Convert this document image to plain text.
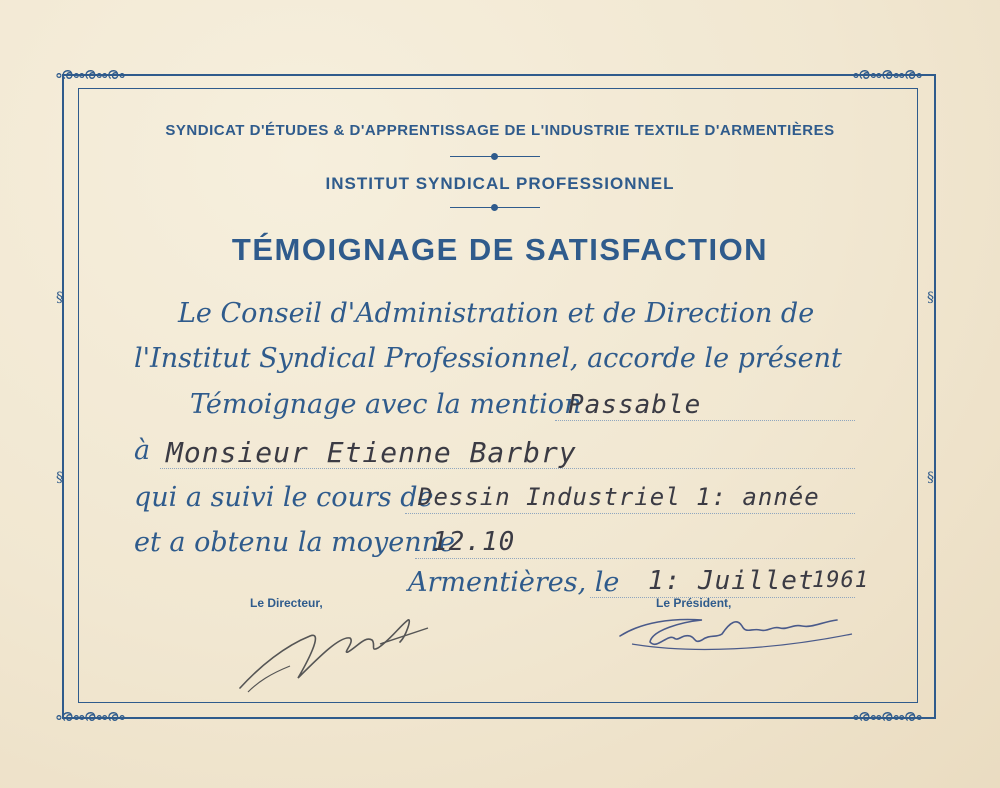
ൟൟൟ	ൟൟൟ
ൟൟൟ	ൟൟൟ
§
§
§
§
SYNDICAT D'ÉTUDES & D'APPRENTISSAGE DE L'INDUSTRIE TEXTILE D'ARMENTIÈRES
INSTITUT SYNDICAL PROFESSIONNEL
TÉMOIGNAGE DE SATISFACTION
Le Conseil d'Administration et de Direction de
l'Institut Syndical Professionnel, accorde le présent
Témoignage avec la mention
Passable
à Monsieur Etienne Barbry
qui a suivi le cours de
Dessin Industriel 1: année
et a obtenu la moyenne
12.10
Armentières, le 1: Juillet
1961
Le Directeur,	Le Président,
